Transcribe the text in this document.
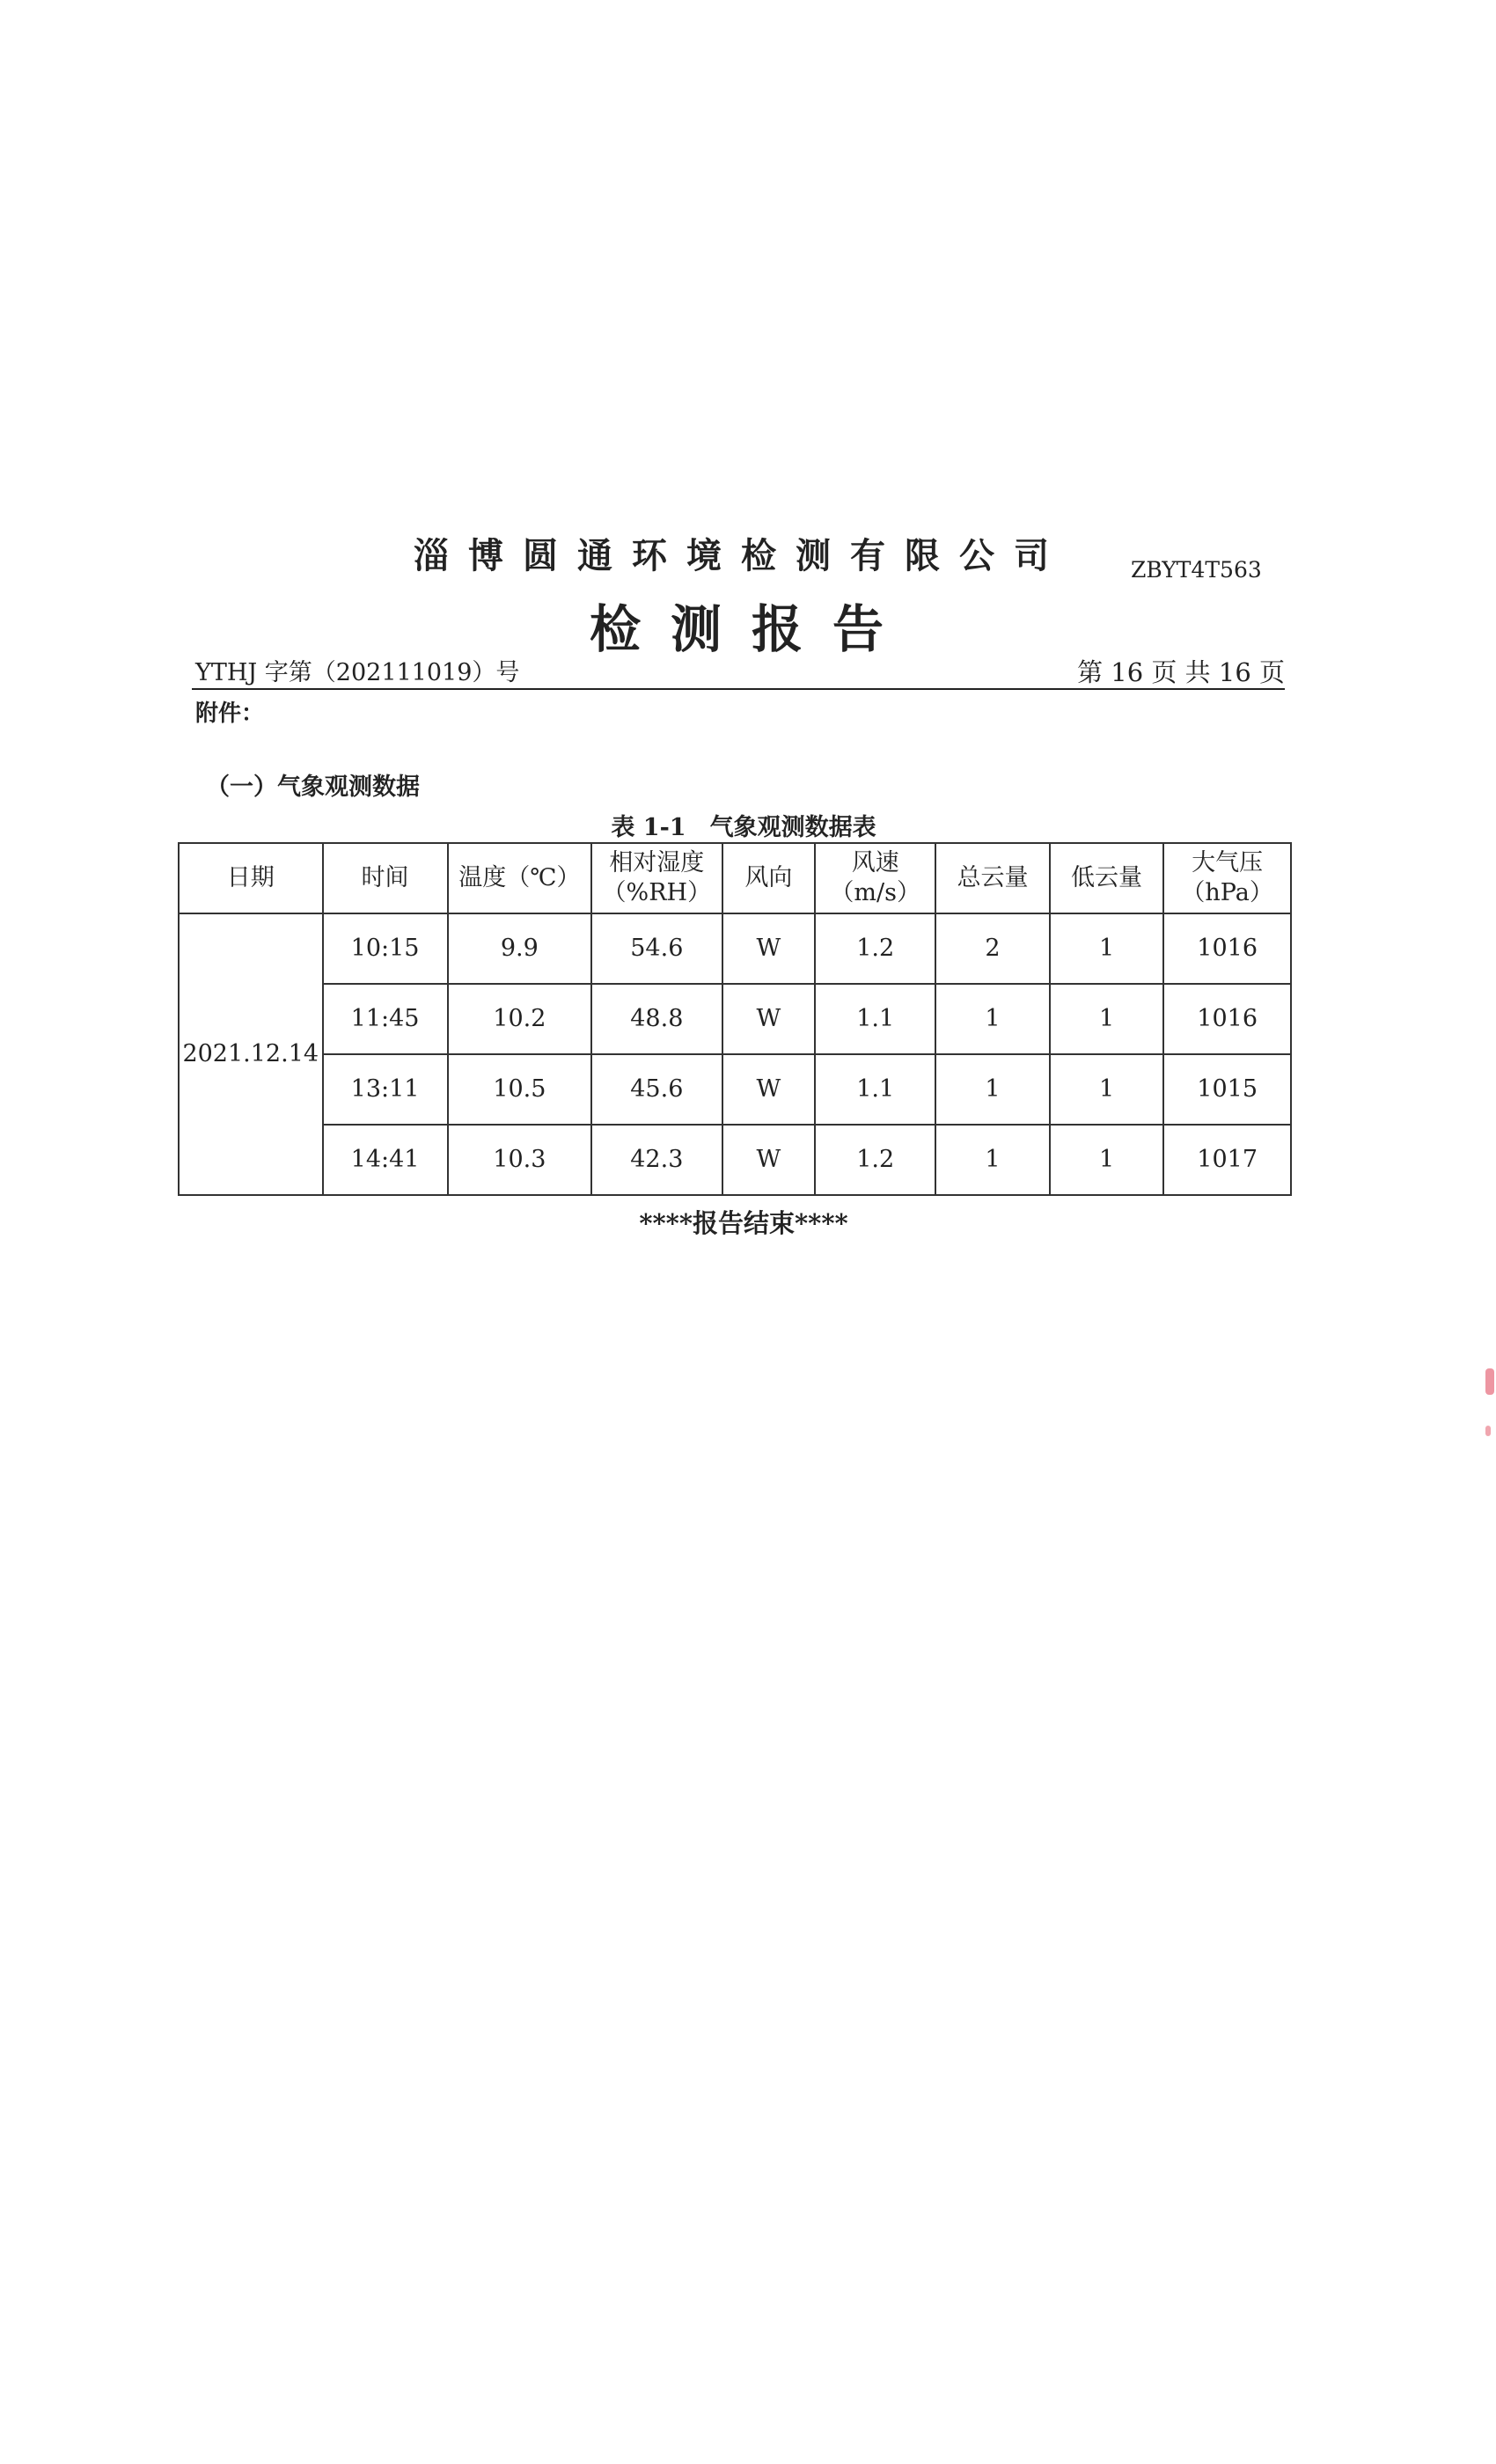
淄博圆通环境检测有限公司	ZBYT4T563
检测报告
YTHJ 字第（202111019）号	第 16 页 共 16 页
附件：
（一）气象观测数据
表 1-1　气象观测数据表
日期	时间	温度（℃）	相对湿度（%RH）	风向	风速（m/s）	总云量	低云量	大气压（hPa）
2021.12.14	10:15	9.9	54.6	W	1.2	2	1	1016
	11:45	10.2	48.8	W	1.1	1	1	1016
	13:11	10.5	45.6	W	1.1	1	1	1015
	14:41	10.3	42.3	W	1.2	1	1	1017
****报告结束****
